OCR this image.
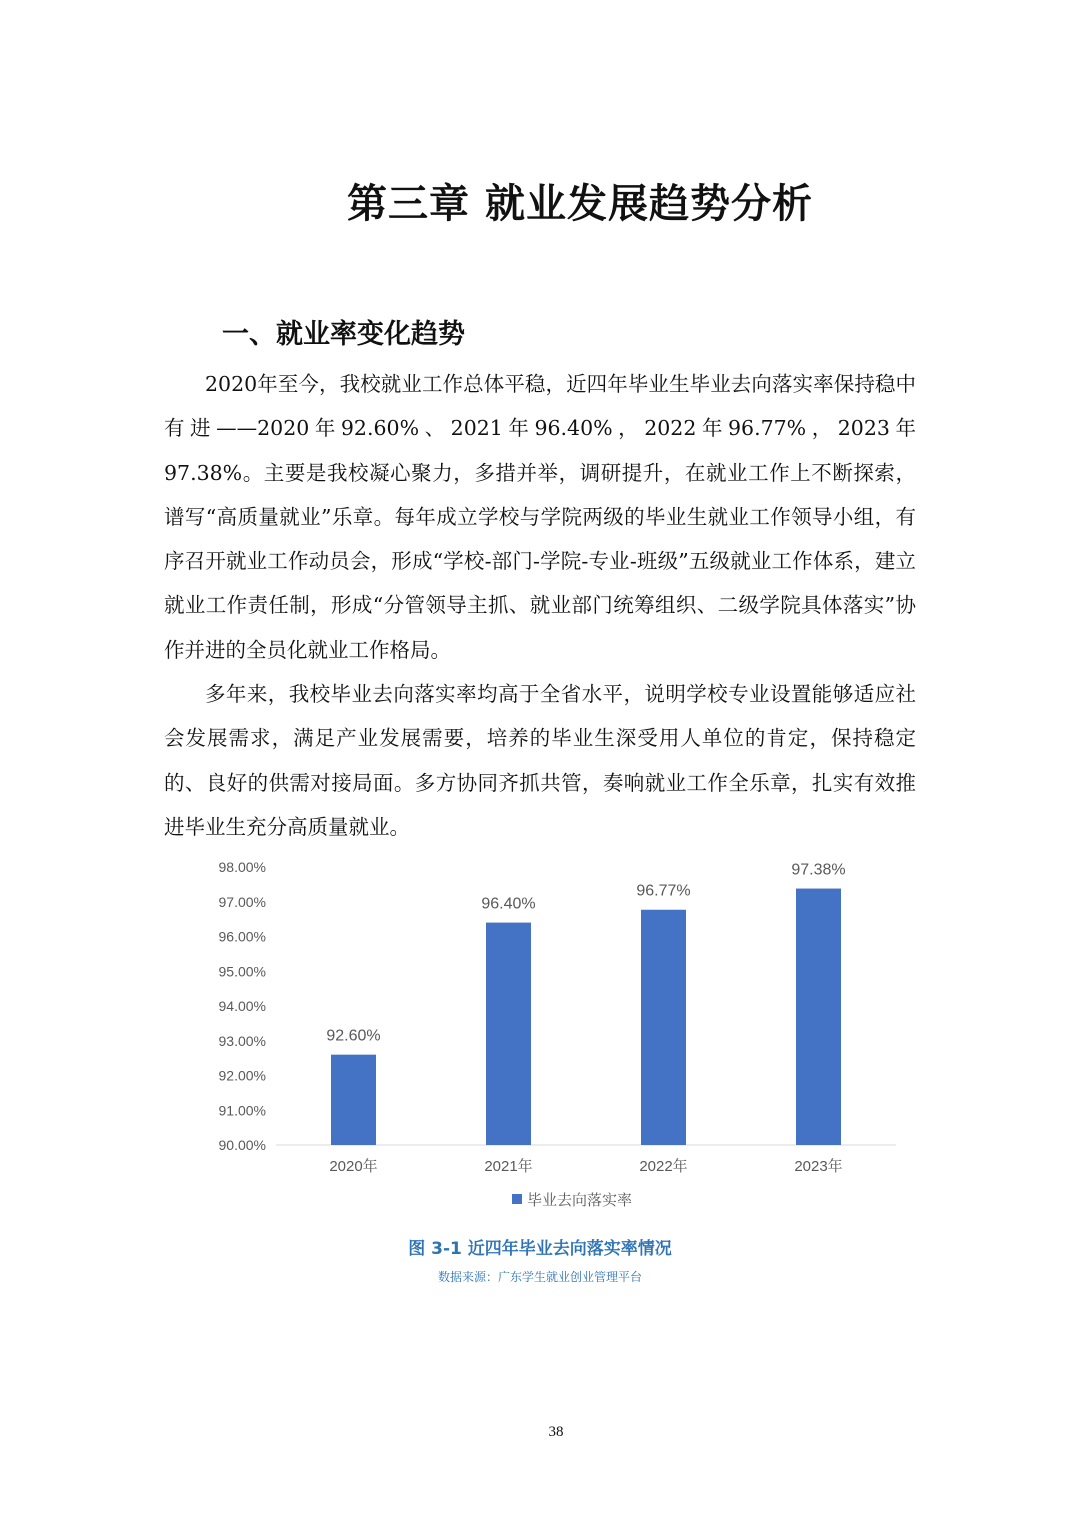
第三章 就业发展趋势分析
一、就业率变化趋势

2020年至今，我校就业工作总体平稳，近四年毕业生毕业去向落实率保持稳中有进——2020年92.60%、2021年96.40%，2022年96.77%，2023年97.38%。主要是我校凝心聚力，多措并举，调研提升，在就业工作上不断探索，谱写“高质量就业”乐章。每年成立学校与学院两级的毕业生就业工作领导小组，有序召开就业工作动员会，形成“学校-部门-学院-专业-班级”五级就业工作体系，建立就业工作责任制，形成“分管领导主抓、就业部门统筹组织、二级学院具体落实”协作并进的全员化就业工作格局。

多年来，我校毕业去向落实率均高于全省水平，说明学校专业设置能够适应社会发展需求，满足产业发展需要，培养的毕业生深受用人单位的肯定，保持稳定的、良好的供需对接局面。多方协同齐抓共管，奏响就业工作全乐章，扎实有效推进毕业生充分高质量就业。

90.00%
91.00%
92.00%
93.00%
94.00%
95.00%
96.00%
97.00%
98.00%
92.60%
2020年
96.40%
2021年
96.77%
2022年
97.38%
2023年
毕业去向落实率

图 3-1 近四年毕业去向落实率情况

数据来源：广东学生就业创业管理平台

38
